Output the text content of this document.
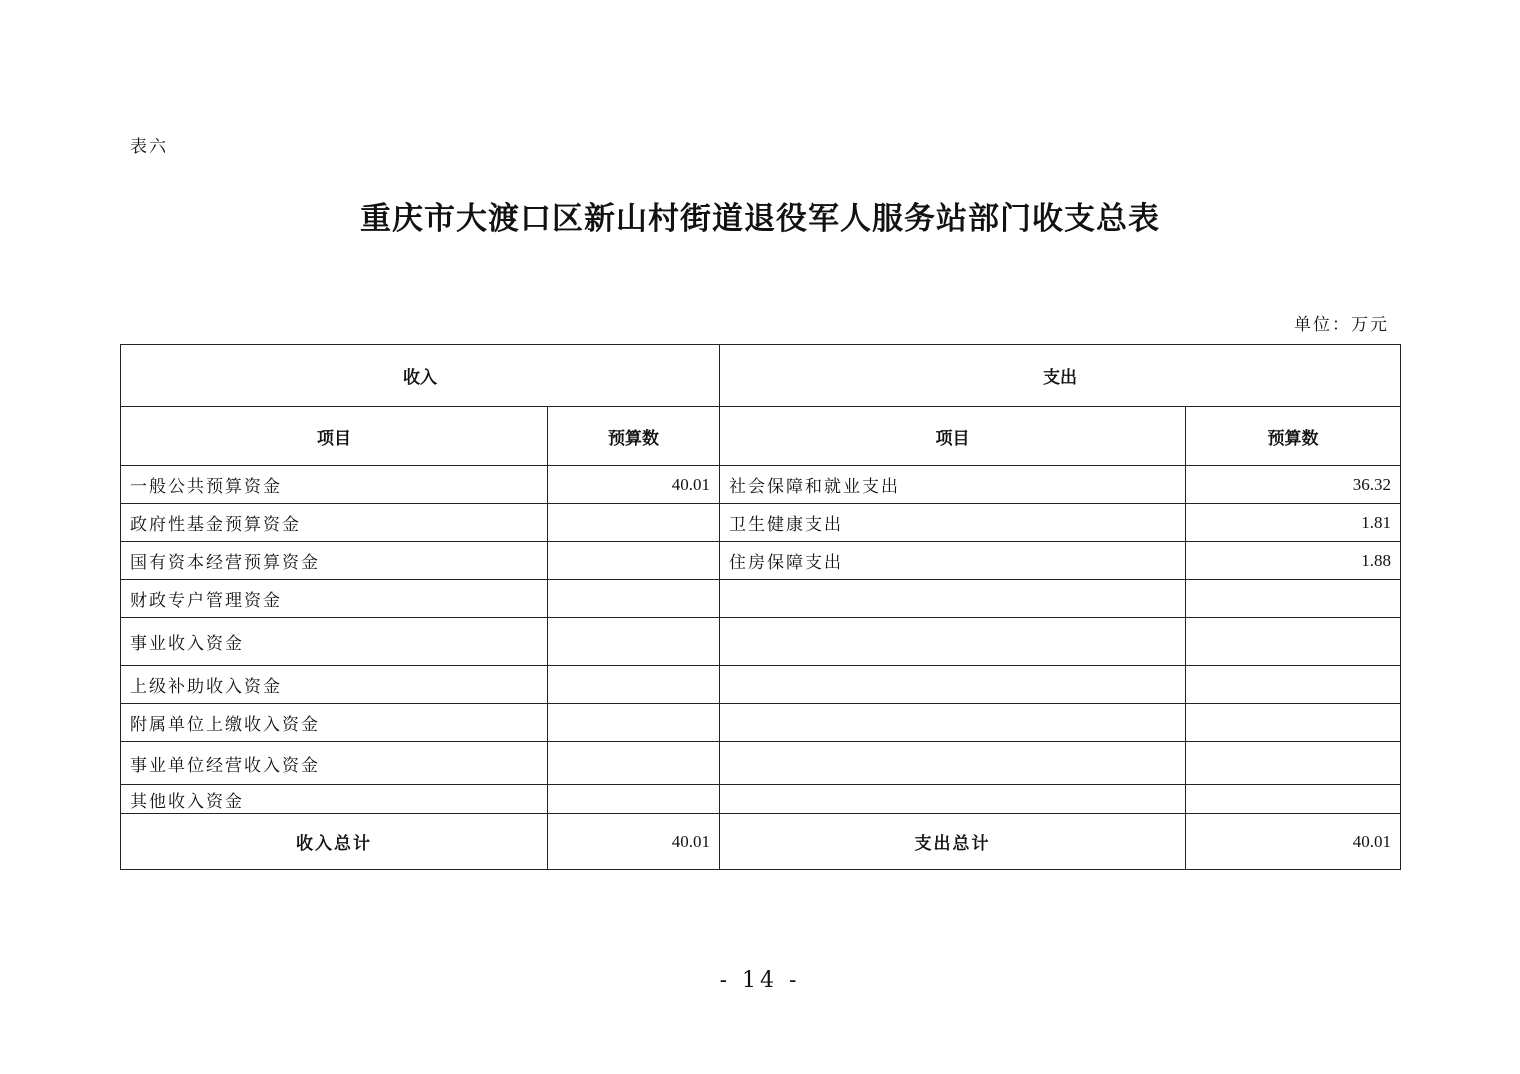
表六
重庆市大渡口区新山村街道退役军人服务站部门收支总表
单位：万元
收入		支出	
项目	预算数	项目	预算数
一般公共预算资金	40.01	社会保障和就业支出	36.32
政府性基金预算资金		卫生健康支出	1.81
国有资本经营预算资金		住房保障支出	1.88
财政专户管理资金			
事业收入资金			
上级补助收入资金			
附属单位上缴收入资金			
事业单位经营收入资金			
其他收入资金			
收入总计	40.01	支出总计	40.01
- 14 -
